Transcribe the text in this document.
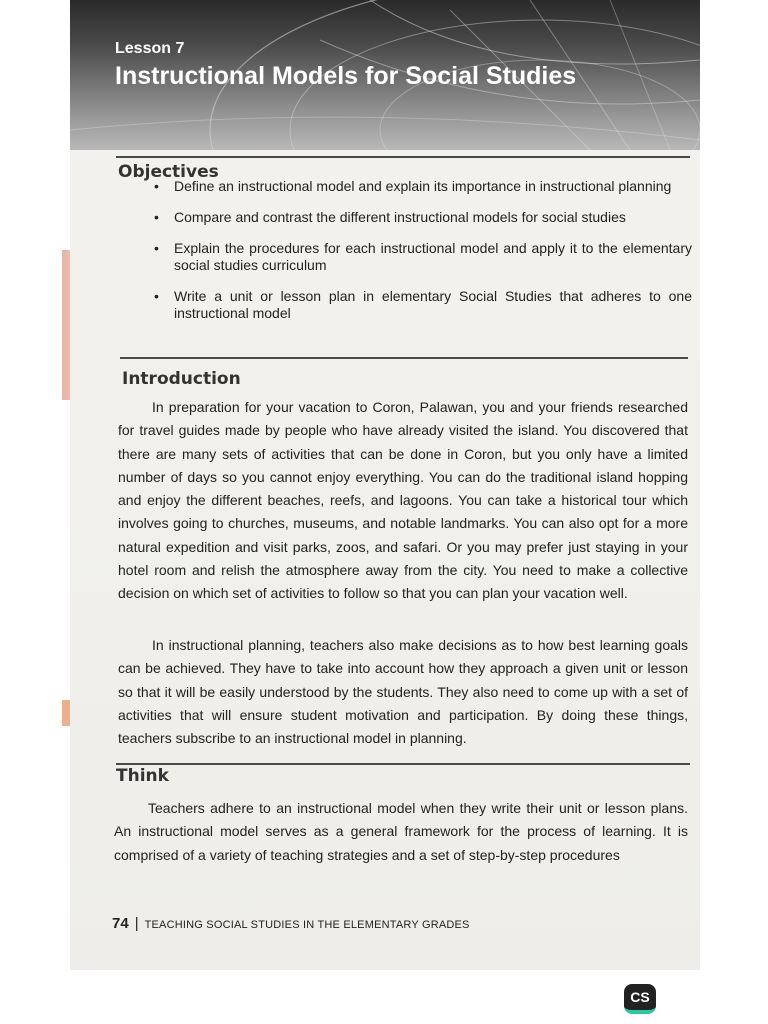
Lesson 7
Instructional Models for Social Studies
Objectives
• Define an instructional model and explain its importance in instructional planning
• Compare and contrast the different instructional models for social studies
• Explain the procedures for each instructional model and apply it to the elementary social studies curriculum
• Write a unit or lesson plan in elementary Social Studies that adheres to one instructional model
Introduction
In preparation for your vacation to Coron, Palawan, you and your friends researched for travel guides made by people who have already visited the island. You discovered that there are many sets of activities that can be done in Coron, but you only have a limited number of days so you cannot enjoy everything. You can do the traditional island hopping and enjoy the different beaches, reefs, and lagoons. You can take a historical tour which involves going to churches, museums, and notable landmarks. You can also opt for a more natural expedition and visit parks, zoos, and safari. Or you may prefer just staying in your hotel room and relish the atmosphere away from the city. You need to make a collective decision on which set of activities to follow so that you can plan your vacation well.
In instructional planning, teachers also make decisions as to how best learning goals can be achieved. They have to take into account how they approach a given unit or lesson so that it will be easily understood by the students. They also need to come up with a set of activities that will ensure student motivation and participation. By doing these things, teachers subscribe to an instructional model in planning.
Think
Teachers adhere to an instructional model when they write their unit or lesson plans. An instructional model serves as a general framework for the process of learning. It is comprised of a variety of teaching strategies and a set of step-by-step procedures
74 | TEACHING SOCIAL STUDIES IN THE ELEMENTARY GRADES
CS
